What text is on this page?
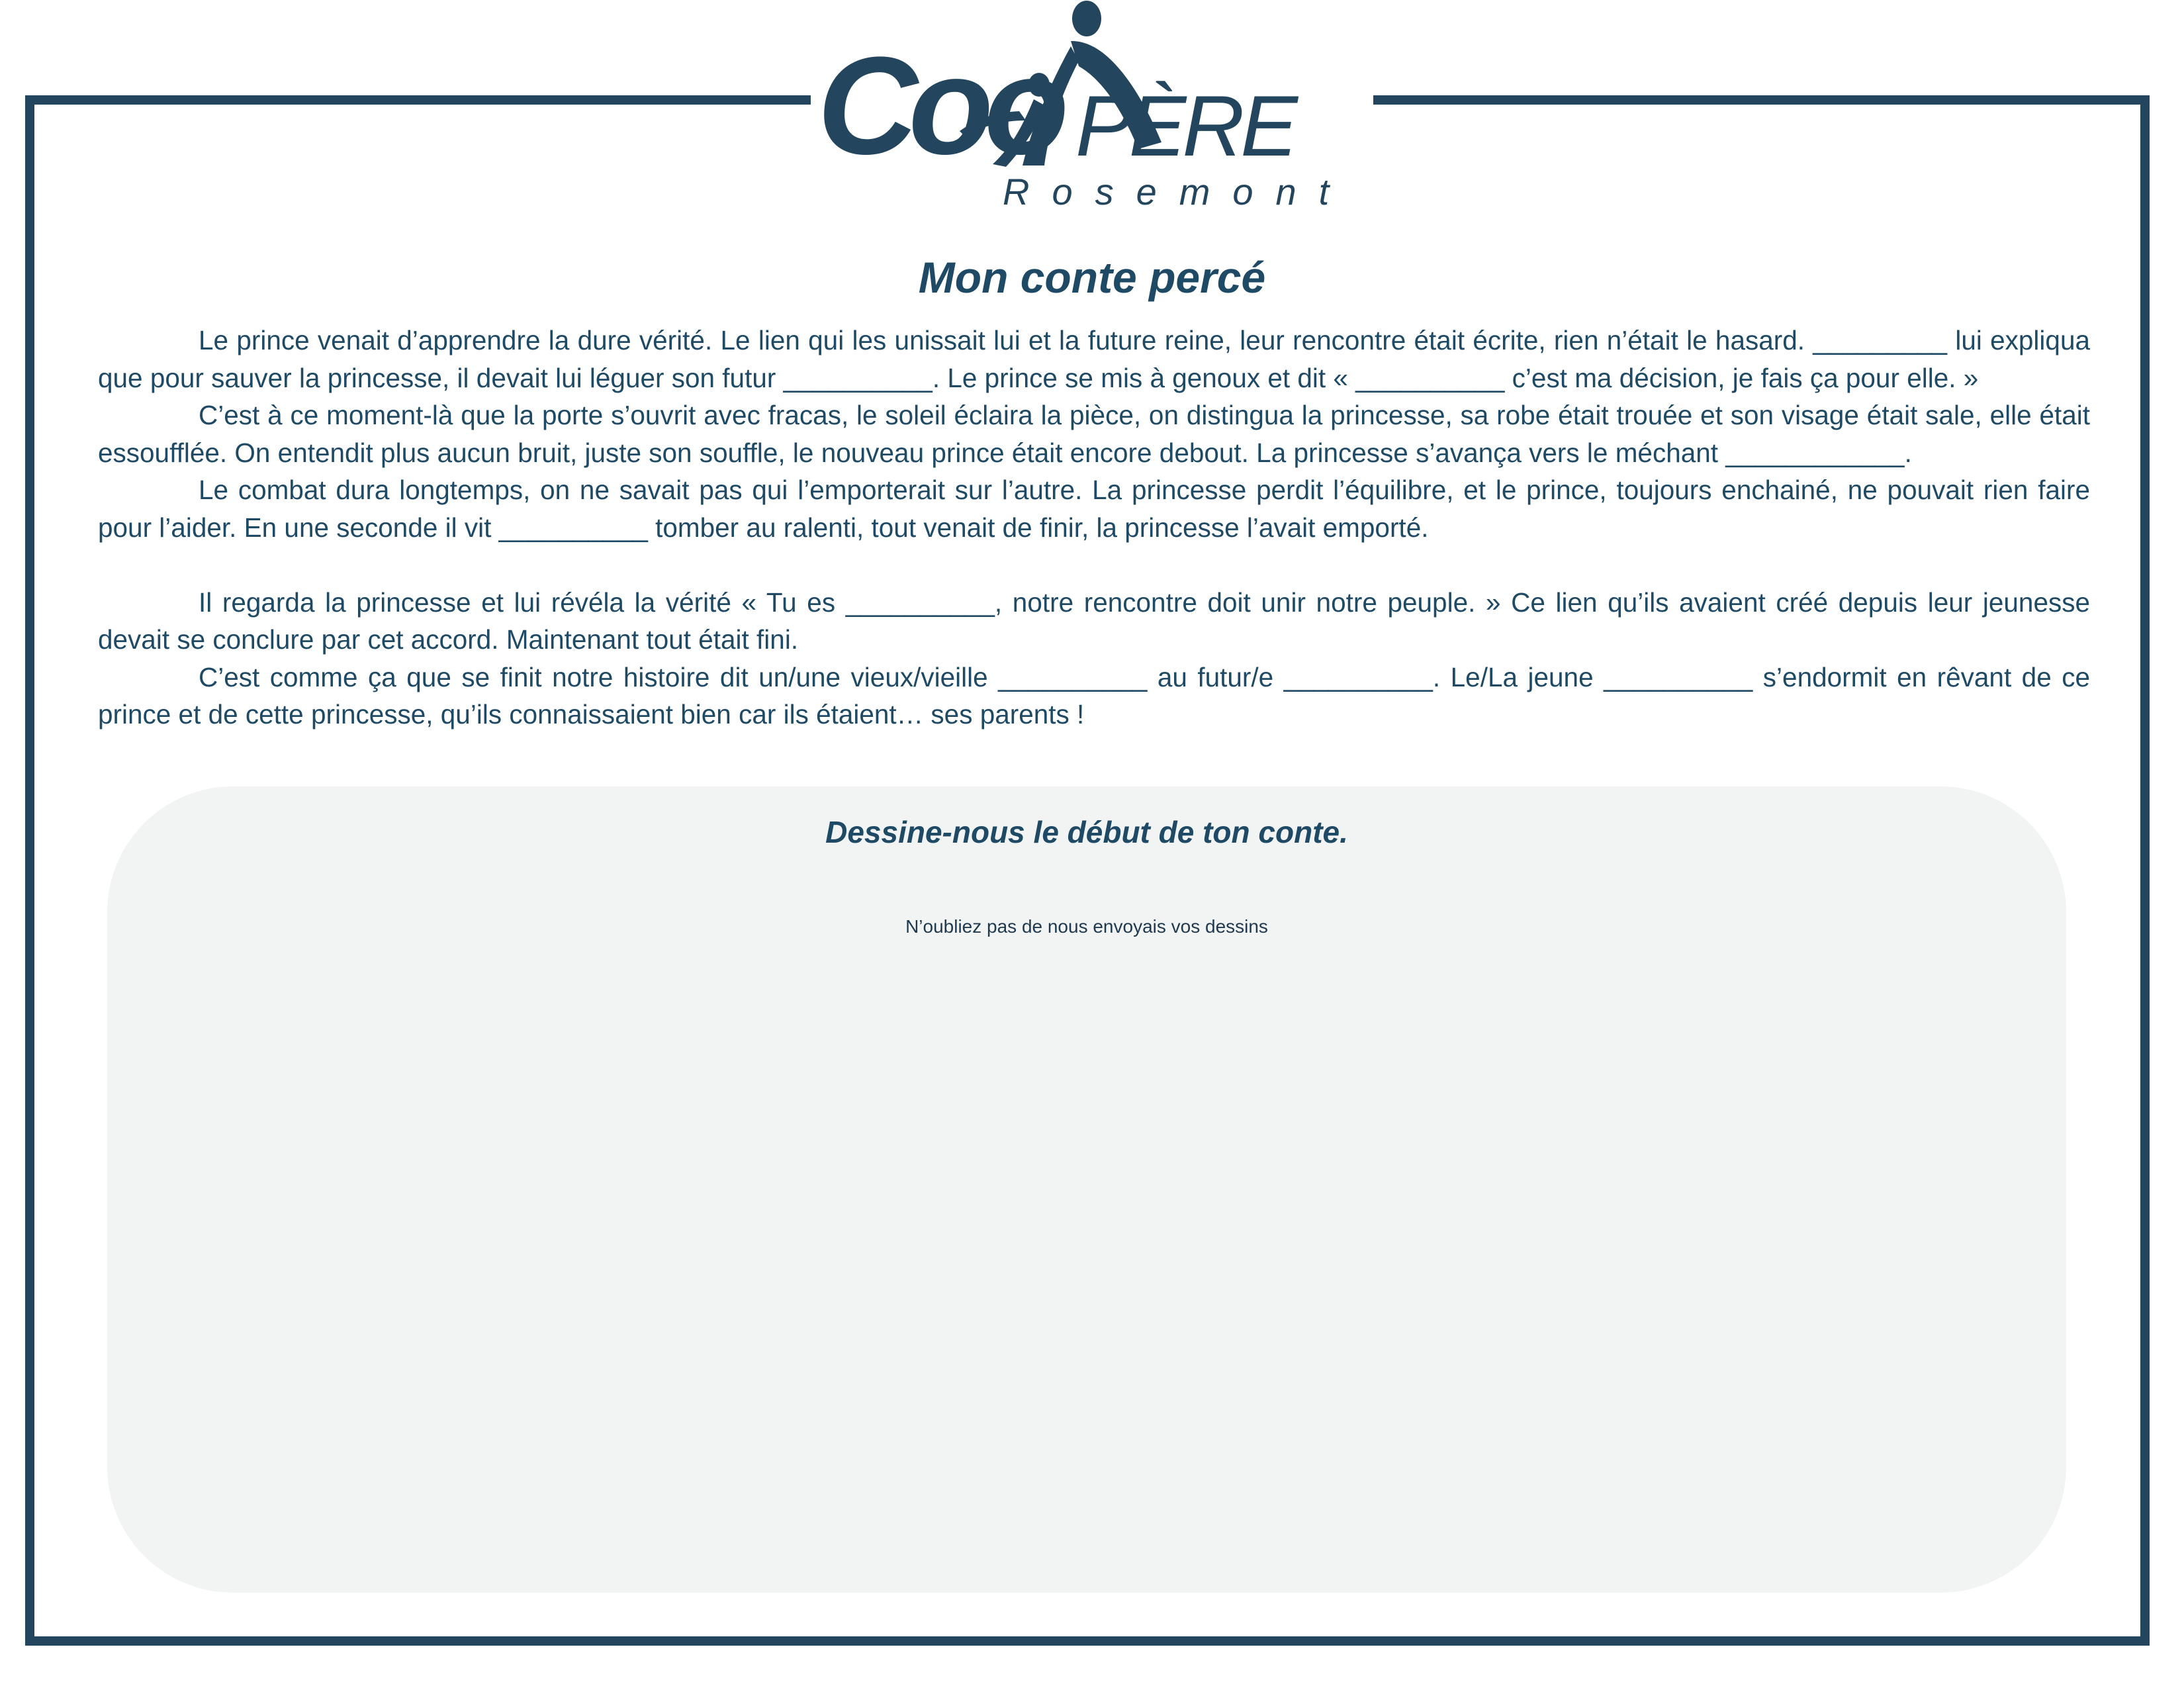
Coo PÈRE
Rosemont
Mon conte percé

Le prince venait d’apprendre la dure vérité. Le lien qui les unissait lui et la future reine, leur rencontre était écrite, rien n’était le hasard. _________ lui expliqua que pour sauver la princesse, il devait lui léguer son futur __________. Le prince se mis à genoux et dit « __________ c’est ma décision, je fais ça pour elle. »

C’est à ce moment-là que la porte s’ouvrit avec fracas, le soleil éclaira la pièce, on distingua la princesse, sa robe était trouée et son visage était sale, elle était essoufflée. On entendit plus aucun bruit, juste son souffle, le nouveau prince était encore debout. La princesse s’avança vers le méchant ____________.

Le combat dura longtemps, on ne savait pas qui l’emporterait sur l’autre. La princesse perdit l’équilibre, et le prince, toujours enchainé, ne pouvait rien faire pour l’aider. En une seconde il vit __________ tomber au ralenti, tout venait de finir, la princesse l’avait emporté.

Il regarda la princesse et lui révéla la vérité « Tu es __________, notre rencontre doit unir notre peuple. » Ce lien qu’ils avaient créé depuis leur jeunesse devait se conclure par cet accord. Maintenant tout était fini.

C’est comme ça que se finit notre histoire dit un/une vieux/vieille __________ au futur/e __________. Le/La jeune __________ s’endormit en rêvant de ce prince et de cette princesse, qu’ils connaissaient bien car ils étaient… ses parents !

Dessine-nous le début de ton conte.
N’oubliez pas de nous envoyais vos dessins
